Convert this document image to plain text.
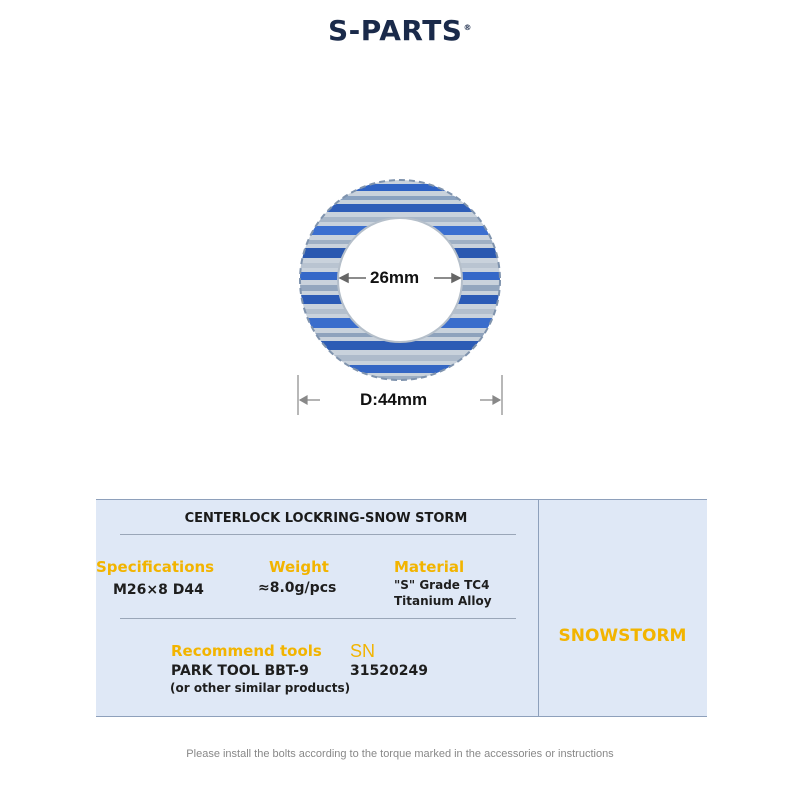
S-PARTS®
26mm
D:44mm
CENTERLOCK LOCKRING-SNOW STORM
Specifications
M26×8 D44
Weight
≈8.0g/pcs
Material
"S" Grade TC4
Titanium Alloy
Recommend tools
PARK TOOL BBT-9
(or other similar products)
SN
31520249
SNOWSTORM
Please install the bolts according to the torque marked in the accessories or instructions
